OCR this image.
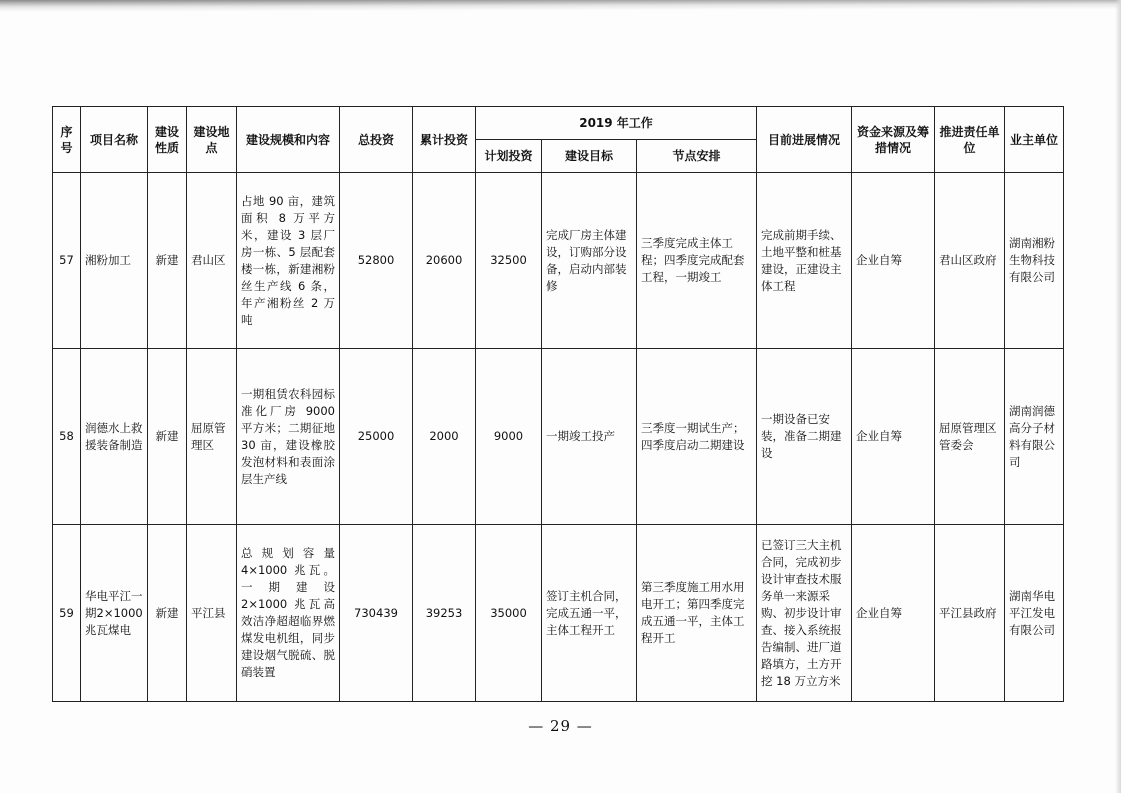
序号	项目名称	建设性质	建设地点	建设规模和内容	总投资	累计投资	2019 年工作			目前进展情况	资金来源及筹措情况	推进责任单　位	业主单位
							计划投资	建设目标	节点安排				
57	湘粉加工	新建	君山区	占地 90 亩，建筑面积 8 万平方米，建设 3 层厂房一栋、5 层配套楼一栋，新建湘粉丝生产线 6 条，年产湘粉丝 2 万吨	52800	20600	32500	完成厂房主体建设，订购部分设备，启动内部装修	三季度完成主体工程；四季度完成配套工程，一期竣工	完成前期手续、土地平整和桩基建设，正建设主体工程	企业自筹	君山区政府	湖南湘粉生物科技有限公司
58	润德水上救援装备制造	新建	屈原管理区	一期租赁农科园标准化厂房 9000 平方米；二期征地 30 亩，建设橡胶发泡材料和表面涂层生产线	25000	2000	9000	一期竣工投产	三季度一期试生产；四季度启动二期建设	一期设备已安装，准备二期建设	企业自筹	屈原管理区管委会	湖南润德高分子材料有限公司
59	华电平江一期2×1000兆瓦煤电	新建	平江县	总规划容量 4×1000 兆瓦。一期建设 2×1000 兆瓦高效洁净超超临界燃煤发电机组，同步建设烟气脱硫、脱硝装置	730439	39253	35000	签订主机合同，完成五通一平，主体工程开工	第三季度施工用水用电开工；第四季度完成五通一平，主体工程开工	已签订三大主机合同，完成初步设计审查技术服务单一来源采购、初步设计审查、接入系统报告编制、进厂道路填方，土方开挖 18 万立方米	企业自筹	平江县政府	湖南华电平江发电有限公司
— 29 —
